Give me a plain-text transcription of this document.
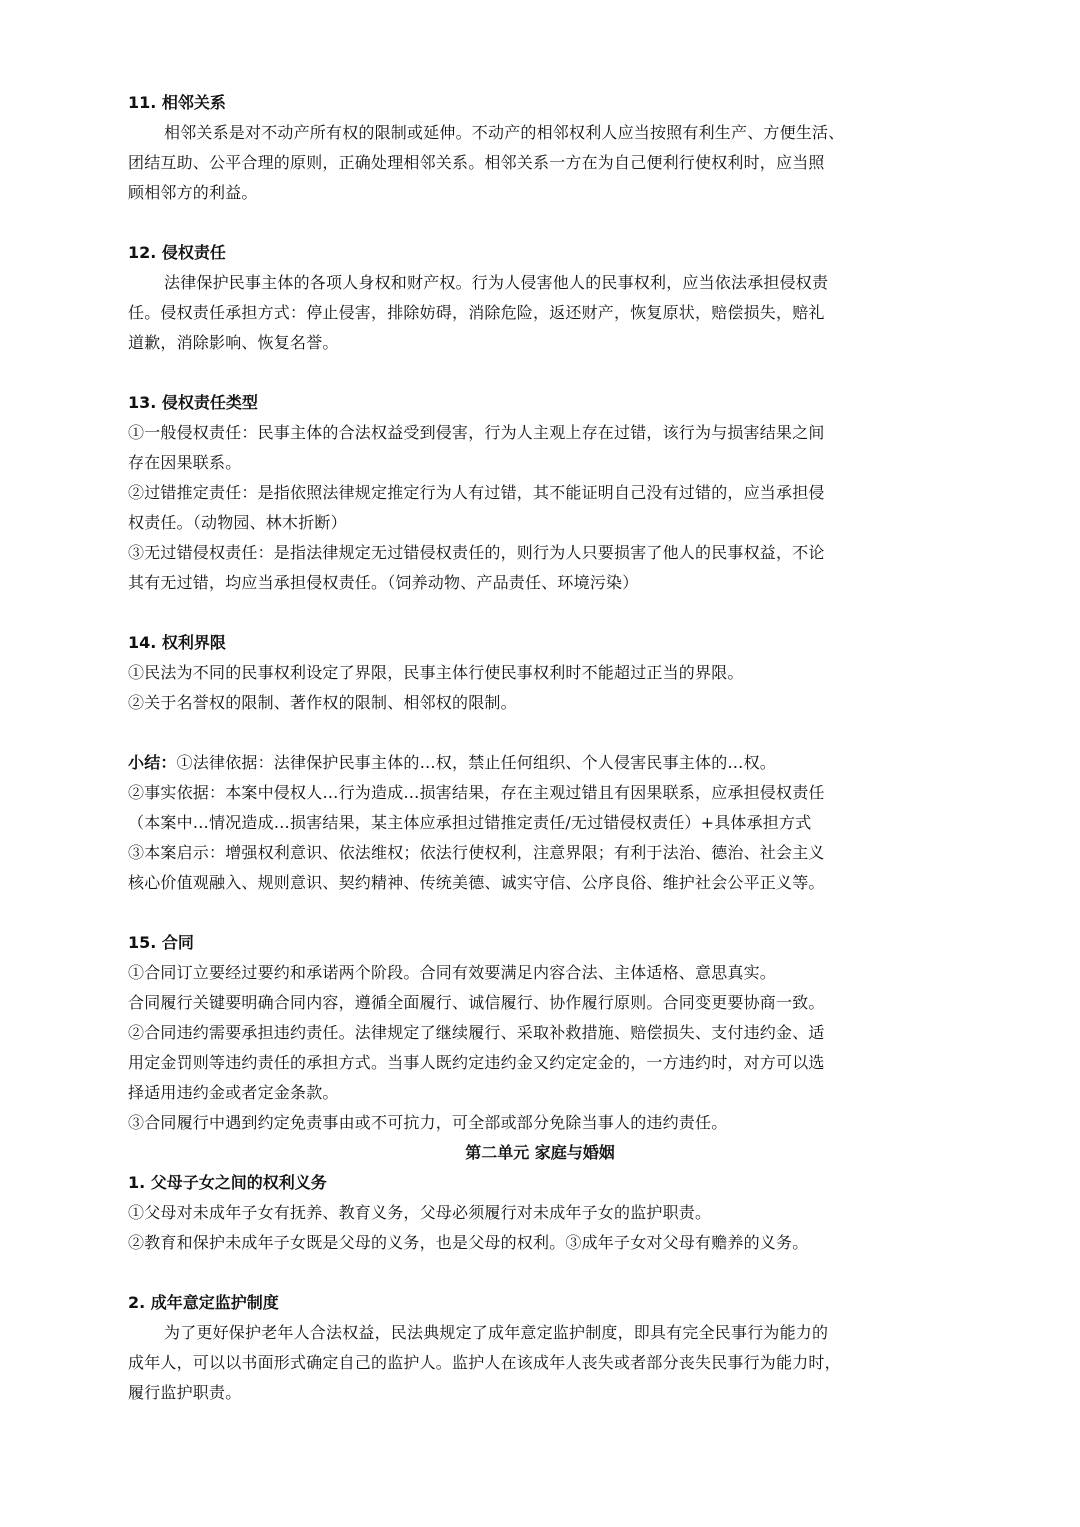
11. 相邻关系
相邻关系是对不动产所有权的限制或延伸。不动产的相邻权利人应当按照有利生产、方便生活、
团结互助、公平合理的原则，正确处理相邻关系。相邻关系一方在为自己便利行使权利时，应当照
顾相邻方的利益。
12. 侵权责任
法律保护民事主体的各项人身权和财产权。行为人侵害他人的民事权利，应当依法承担侵权责
任。侵权责任承担方式：停止侵害，排除妨碍，消除危险，返还财产，恢复原状，赔偿损失，赔礼
道歉，消除影响、恢复名誉。
13. 侵权责任类型
①一般侵权责任：民事主体的合法权益受到侵害，行为人主观上存在过错，该行为与损害结果之间
存在因果联系。
②过错推定责任：是指依照法律规定推定行为人有过错，其不能证明自己没有过错的，应当承担侵
权责任。（动物园、林木折断）
③无过错侵权责任：是指法律规定无过错侵权责任的，则行为人只要损害了他人的民事权益，不论
其有无过错，均应当承担侵权责任。（饲养动物、产品责任、环境污染）
14. 权利界限
①民法为不同的民事权利设定了界限，民事主体行使民事权利时不能超过正当的界限。
②关于名誉权的限制、著作权的限制、相邻权的限制。
小结：①法律依据：法律保护民事主体的…权，禁止任何组织、个人侵害民事主体的…权。
②事实依据：本案中侵权人…行为造成…损害结果，存在主观过错且有因果联系，应承担侵权责任
（本案中…情况造成…损害结果，某主体应承担过错推定责任/无过错侵权责任）+具体承担方式
③本案启示：增强权利意识、依法维权；依法行使权利，注意界限；有利于法治、德治、社会主义
核心价值观融入、规则意识、契约精神、传统美德、诚实守信、公序良俗、维护社会公平正义等。
15. 合同
①合同订立要经过要约和承诺两个阶段。合同有效要满足内容合法、主体适格、意思真实。
合同履行关键要明确合同内容，遵循全面履行、诚信履行、协作履行原则。合同变更要协商一致。
②合同违约需要承担违约责任。法律规定了继续履行、采取补救措施、赔偿损失、支付违约金、适
用定金罚则等违约责任的承担方式。当事人既约定违约金又约定定金的，一方违约时，对方可以选
择适用违约金或者定金条款。
③合同履行中遇到约定免责事由或不可抗力，可全部或部分免除当事人的违约责任。
第二单元 家庭与婚姻
1. 父母子女之间的权利义务
①父母对未成年子女有抚养、教育义务，父母必须履行对未成年子女的监护职责。
②教育和保护未成年子女既是父母的义务，也是父母的权利。③成年子女对父母有赡养的义务。
2. 成年意定监护制度
为了更好保护老年人合法权益，民法典规定了成年意定监护制度，即具有完全民事行为能力的
成年人，可以以书面形式确定自己的监护人。监护人在该成年人丧失或者部分丧失民事行为能力时，
履行监护职责。
